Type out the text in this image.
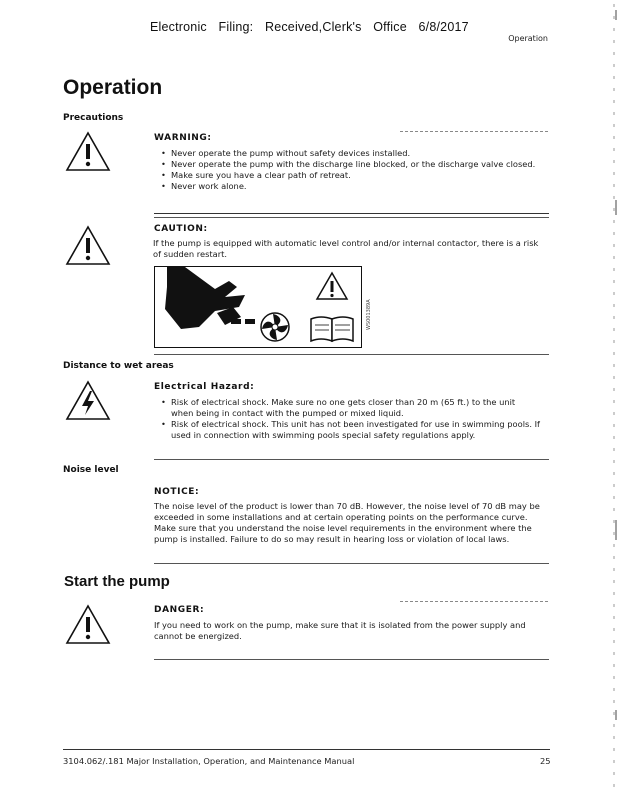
Electronic Filing: Received,Clerk's Office 6/8/2017
Operation
Operation
Precautions
WARNING:
• Never operate the pump without safety devices installed.
• Never operate the pump with the discharge line blocked, or the discharge valve closed.
• Make sure you have a clear path of retreat.
• Never work alone.
CAUTION:
If the pump is equipped with automatic level control and/or internal contactor, there is a risk of sudden restart.
WS001389A
Distance to wet areas
Electrical Hazard:
• Risk of electrical shock. Make sure no one gets closer than 20 m (65 ft.) to the unit when being in contact with the pumped or mixed liquid.
• Risk of electrical shock. This unit has not been investigated for use in swimming pools. If used in connection with swimming pools special safety regulations apply.
Noise level
NOTICE:
The noise level of the product is lower than 70 dB. However, the noise level of 70 dB may be exceeded in some installations and at certain operating points on the performance curve. Make sure that you understand the noise level requirements in the environment where the pump is installed. Failure to do so may result in hearing loss or violation of local laws.
Start the pump
DANGER:
If you need to work on the pump, make sure that it is isolated from the power supply and cannot be energized.
3104.062/.181 Major Installation, Operation, and Maintenance Manual	25
